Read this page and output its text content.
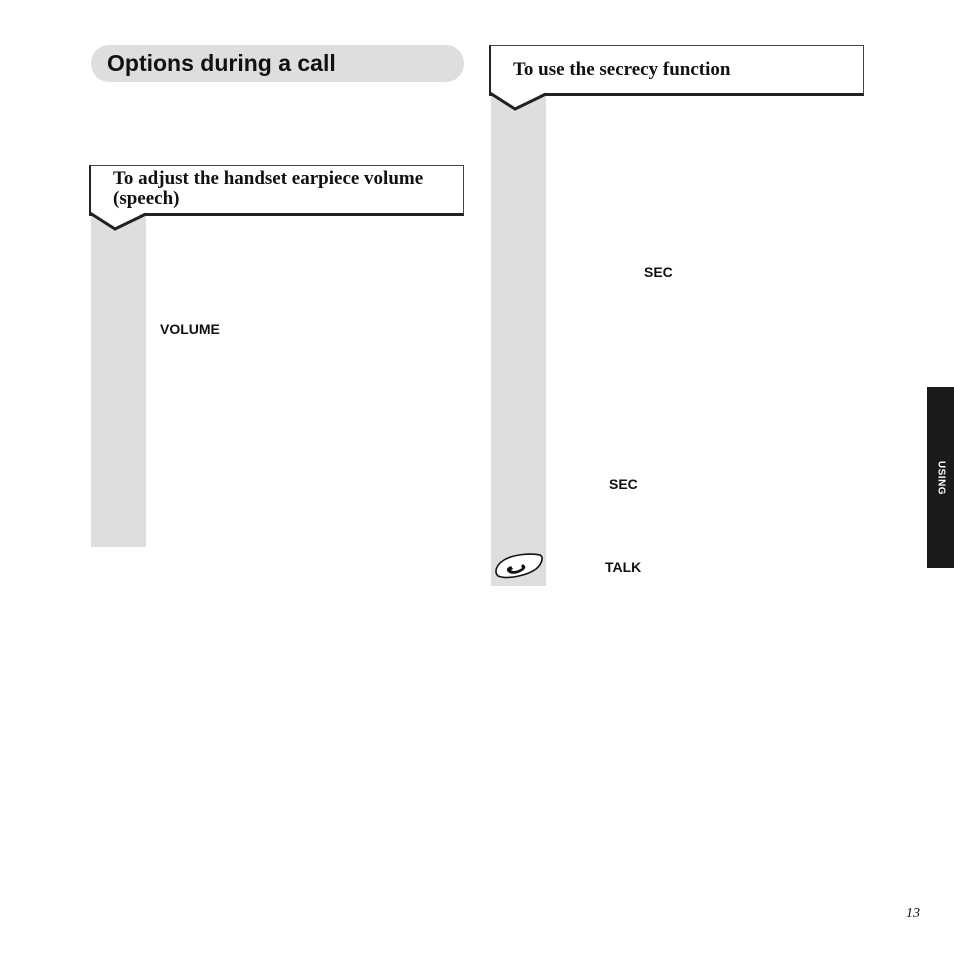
Options during a call
To adjust the handset earpiece volume (speech)
VOLUME
To use the secrecy function
SEC
SEC
TALK
USING
13
